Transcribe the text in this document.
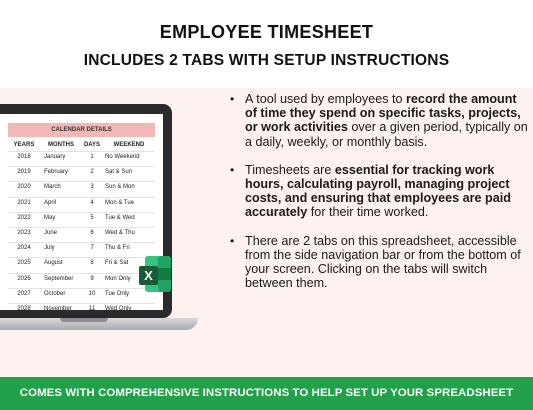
EMPLOYEE TIMESHEET
INCLUDES 2 TABS WITH SETUP INSTRUCTIONS
CALENDAR DETAILS
YEARS	MONTHS	DAYS	WEEKEND
2018	January	1	No Weekend
2019	February	2	Sat & Sun
2020	March	3	Sun & Mon
2021	April	4	Mon & Tue
2022	May	5	Tue & Wed
2023	June	6	Wed & Thu
2024	July	7	Thu & Fri
2025	August	8	Fri & Sat
2026	September	9	Mon Only
2027	October	10	Tue Only
2028	November	11	Wed Only
X
• A tool used by employees to record the amount of time they spend on specific tasks, projects, or work activities over a given period, typically on a daily, weekly, or monthly basis.
• Timesheets are essential for tracking work hours, calculating payroll, managing project costs, and ensuring that employees are paid accurately for their time worked.
• There are 2 tabs on this spreadsheet, accessible from the side navigation bar or from the bottom of your screen. Clicking on the tabs will switch between them.
COMES WITH COMPREHENSIVE INSTRUCTIONS TO HELP SET UP YOUR SPREADSHEET
